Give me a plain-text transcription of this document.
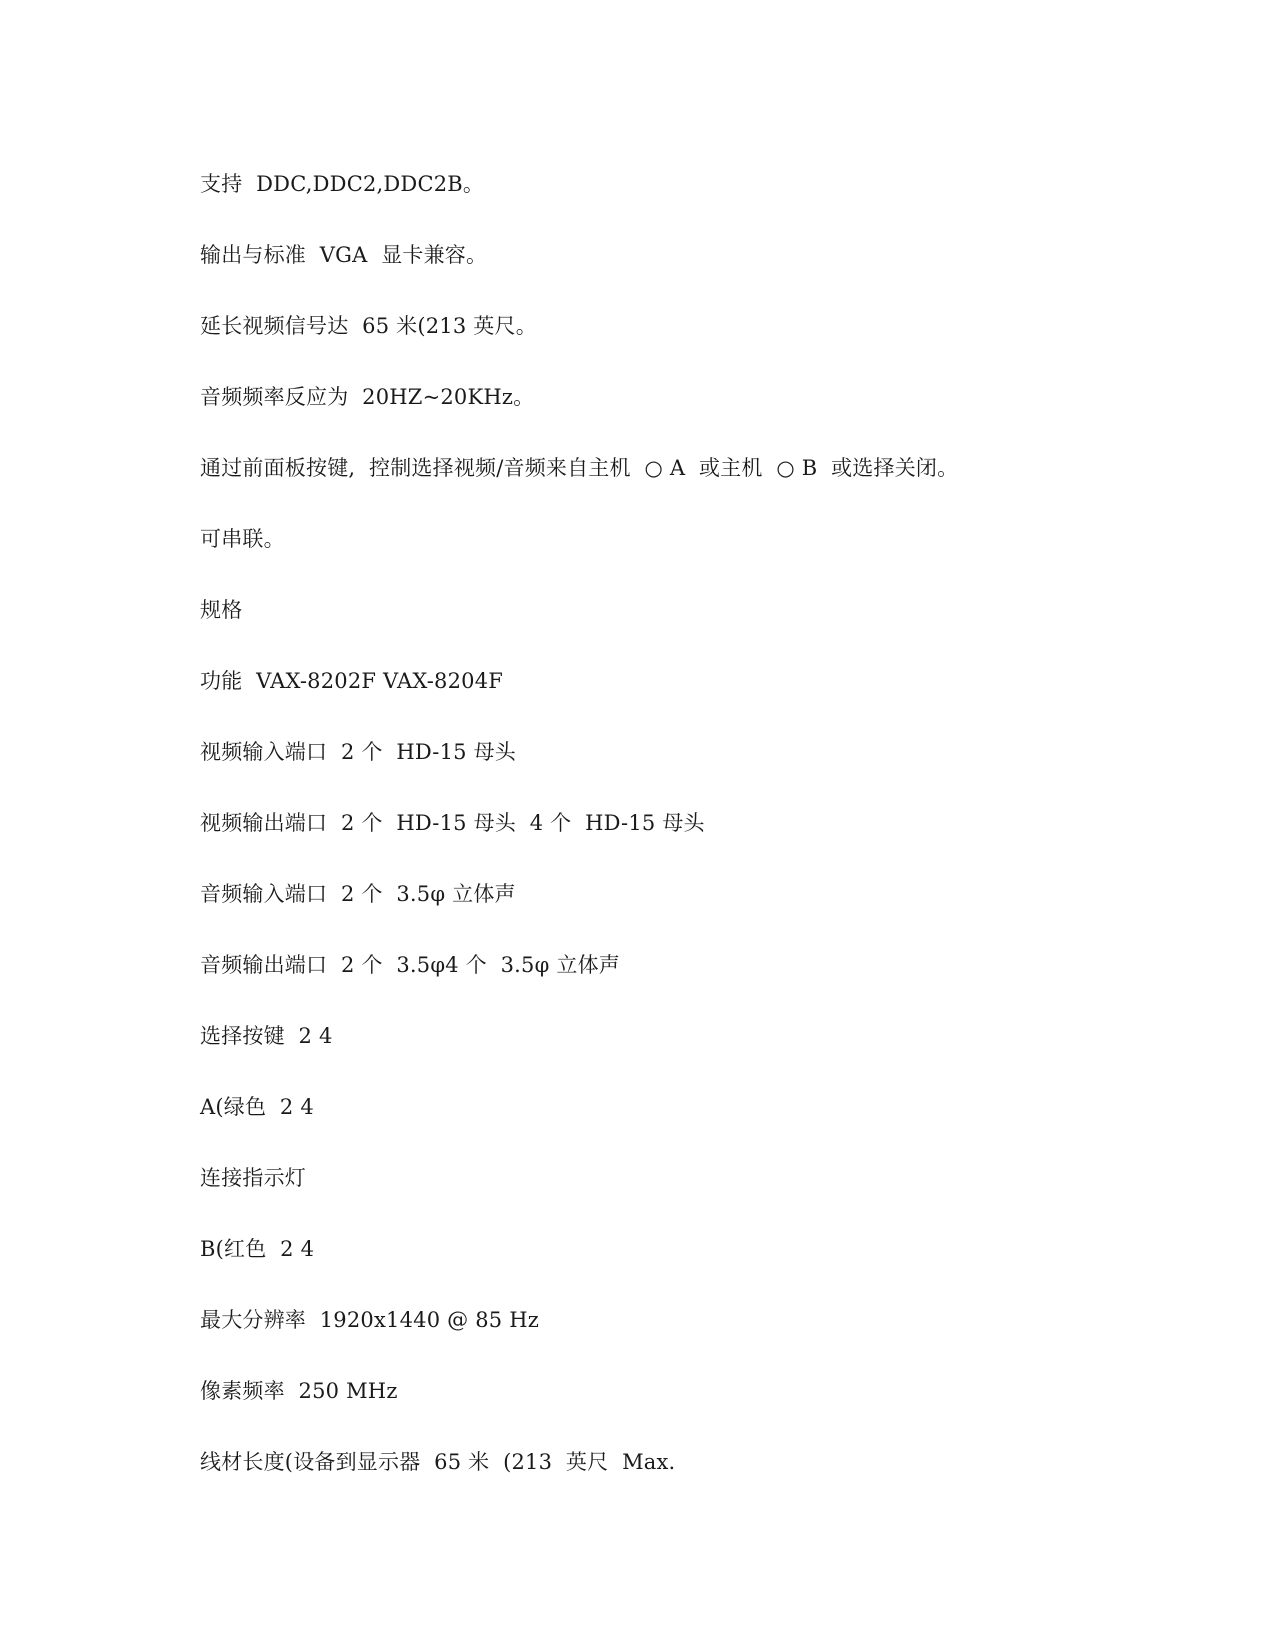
支持  DDC,DDC2,DDC2B。

输出与标准  VGA  显卡兼容。

延长视频信号达  65 米(213 英尺。

音频频率反应为  20HZ~20KHz。

通过前面板按键,  控制选择视频/音频来自主机  ○ A  或主机  ○ B  或选择关闭。

可串联。

规格

功能  VAX-8202F VAX-8204F

视频输入端口  2 个  HD-15 母头

视频输出端口  2 个  HD-15 母头  4 个  HD-15 母头

音频输入端口  2 个  3.5φ 立体声

音频输出端口  2 个  3.5φ4 个  3.5φ 立体声

选择按键  2 4

A(绿色  2 4

连接指示灯

B(红色  2 4

最大分辨率  1920x1440 @ 85 Hz

像素频率  250 MHz

线材长度(设备到显示器  65 米  (213  英尺  Max.
